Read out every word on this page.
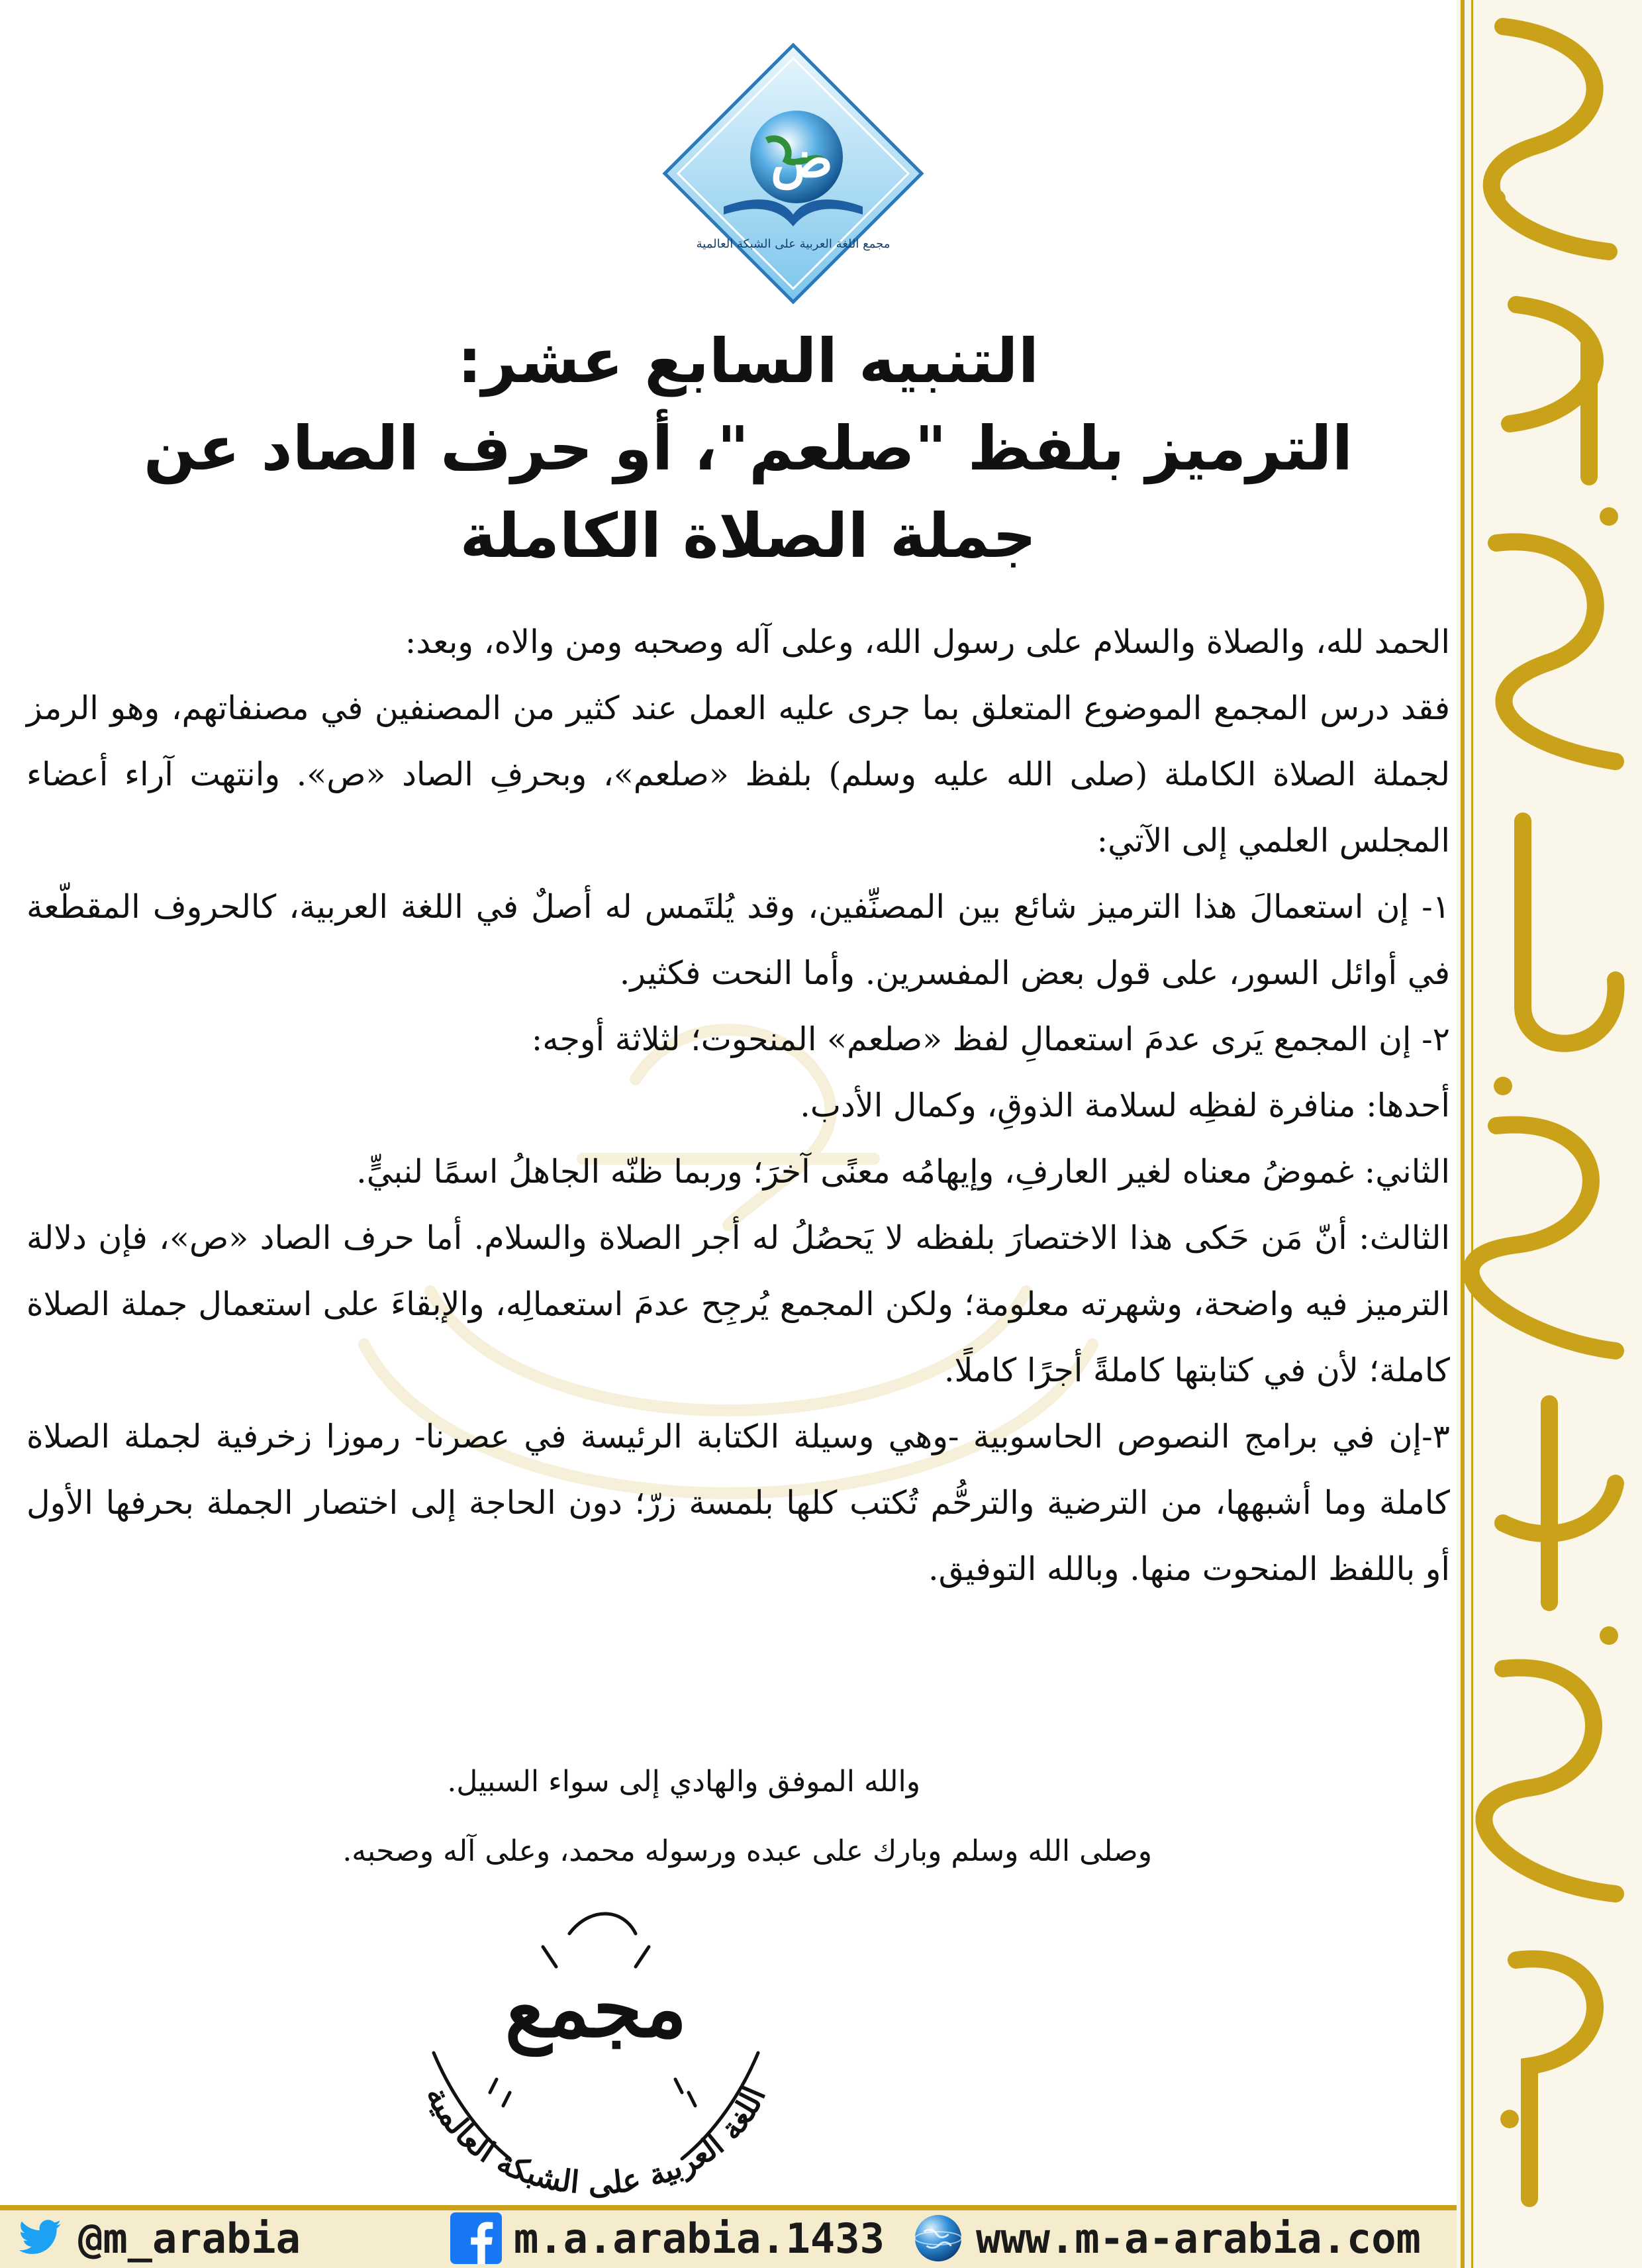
ض
مجمع اللغة العربية على الشبكة العالمية
التنبيه السابع عشر:
الترميز بلفظ "صلعم"، أو حرف الصاد عن
جملة الصلاة الكاملة

الحمد لله، والصلاة والسلام على رسول الله، وعلى آله وصحبه ومن والاه، وبعد:

فقد درس المجمع الموضوع المتعلق بما جرى عليه العمل عند كثير من المصنفين في مصنفاتهم، وهو الرمز لجملة الصلاة الكاملة (صلى الله عليه وسلم) بلفظ «صلعم»، وبحرفِ الصاد «ص». وانتهت آراء أعضاء المجلس العلمي إلى الآتي:

١- إن استعمالَ هذا الترميز شائع بين المصنِّفين، وقد يُلتَمس له أصلٌ في اللغة العربية، كالحروف المقطّعة في أوائل السور، على قول بعض المفسرين. وأما النحت فكثير.

٢- إن المجمع يَرى عدمَ استعمالِ لفظ «صلعم» المنحوت؛ لثلاثة أوجه:

أحدها: منافرة لفظِه لسلامة الذوقِ، وكمال الأدب.

الثاني: غموضُ معناه لغير العارفِ، وإيهامُه معنًى آخرَ؛ وربما ظنّه الجاهلُ اسمًا لنبيٍّ.

الثالث: أنّ مَن حَكى هذا الاختصارَ بلفظه لا يَحصُلُ له أجر الصلاة والسلام. أما حرف الصاد «ص»، فإن دلالة الترميز فيه واضحة، وشهرته معلومة؛ ولكن المجمع يُرجِح عدمَ استعمالِه، والإبقاءَ على استعمال جملة الصلاة كاملة؛ لأن في كتابتها كاملةً أجرًا كاملًا.

٣-إن في برامج النصوص الحاسوبية -وهي وسيلة الكتابة الرئيسة في عصرنا- رموزا زخرفية لجملة الصلاة كاملة وما أشبهها، من الترضية والترحُّم تُكتب كلها بلمسة زرّ؛ دون الحاجة إلى اختصار الجملة بحرفها الأول أو باللفظ المنحوت منها. وبالله التوفيق.

والله الموفق والهادي إلى سواء السبيل.
وصلى الله وسلم وبارك على عبده ورسوله محمد، وعلى آله وصحبه.
مجمع
اللغة العربية على الشبكة العالمية
@m_arabia	m.a.arabia.1433 www.m-a-arabia.com
